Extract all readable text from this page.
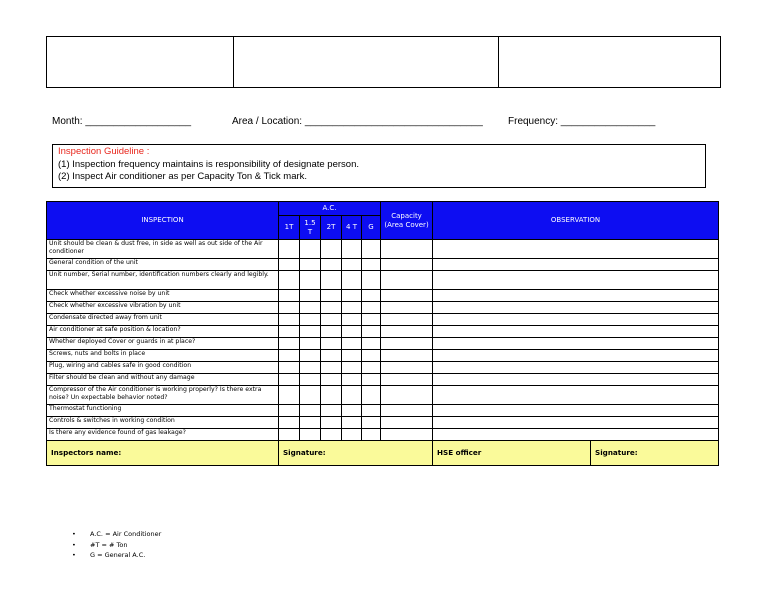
Month: ___________________	Area / Location: ________________________________	Frequency: _________________
Inspection Guideline :
(1) Inspection frequency maintains is responsibility of designate person.
(2) Inspect Air conditioner as per Capacity Ton & Tick mark.
INSPECTION	A.C.					Capacity (Area Cover)	OBSERVATION	
	1T	1.5 T	2T	4 T	G			
Unit should be clean & dust free, in side as well as out side of the Air conditioner								
General condition of the unit								
Unit number, Serial number, identification numbers clearly and legibly.								
Check whether excessive noise by unit								
Check whether excessive vibration by unit								
Condensate directed away from unit								
Air conditioner at safe position & location?								
Whether deployed Cover or guards in at place?								
Screws, nuts and bolts in place								
Plug, wiring and cables safe in good condition								
Filter should be clean and without any damage								
Compressor of the Air conditioner is working properly? Is there extra noise? Un expectable behavior noted?								
Thermostat functioning								
Controls & switches in working condition								
Is there any evidence found of gas leakage?								
Inspectors name:	Signature:						HSE officer	Signature:
•	A.C. = Air Conditioner
•	#T = # Ton
•	G = General A.C.
